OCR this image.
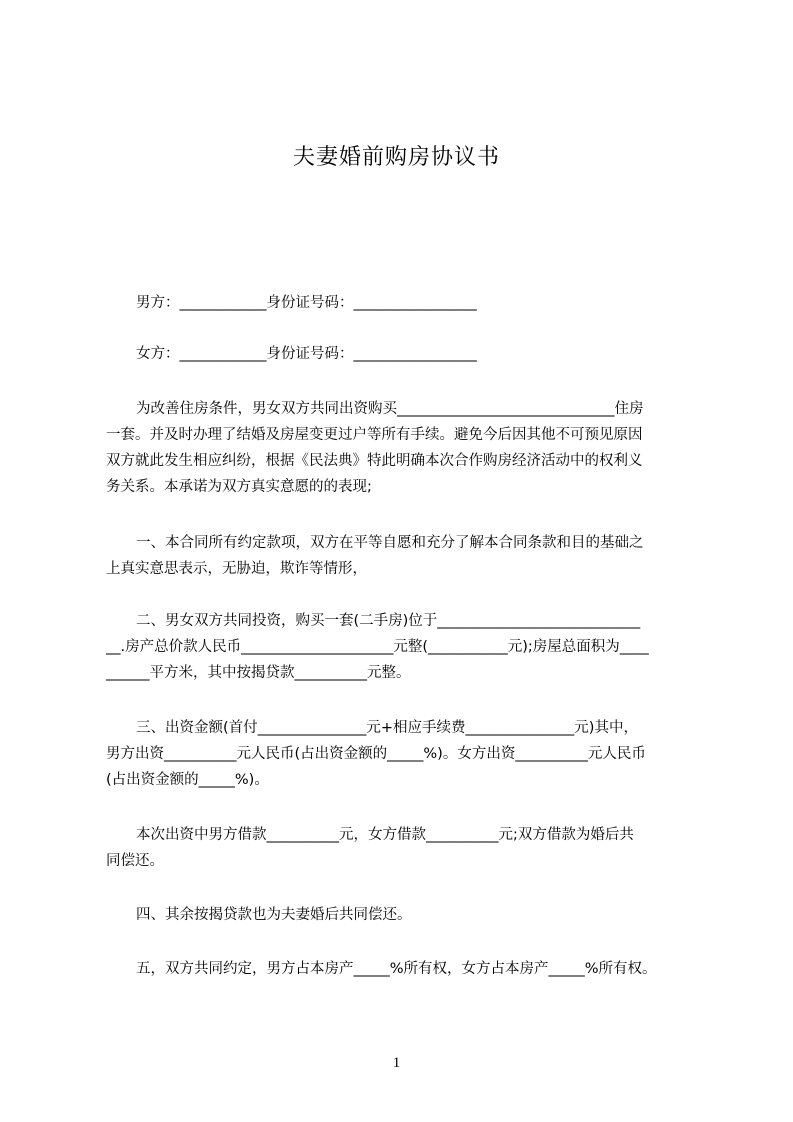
夫妻婚前购房协议书
男方：____________身份证号码：_________________
女方：____________身份证号码：_________________
为改善住房条件，男女双方共同出资购买______________________________住房
一套。并及时办理了结婚及房屋变更过户等所有手续。避免今后因其他不可预见原因
双方就此发生相应纠纷，根据《民法典》特此明确本次合作购房经济活动中的权利义
务关系。本承诺为双方真实意愿的的表现;
一、本合同所有约定款项，双方在平等自愿和充分了解本合同条款和目的基础之
上真实意思表示，无胁迫，欺诈等情形，
二、男女双方共同投资，购买一套(二手房)位于____________________________
__.房产总价款人民币_____________________元整(___________元);房屋总面积为____
______平方米，其中按揭贷款__________元整。
三、出资金额(首付_______________元+相应手续费_______________元)其中，
男方出资__________元人民币(占出资金额的_____%)。女方出资__________元人民币
(占出资金额的_____%)。
本次出资中男方借款__________元，女方借款__________元;双方借款为婚后共
同偿还。
四、其余按揭贷款也为夫妻婚后共同偿还。
五，双方共同约定，男方占本房产_____%所有权，女方占本房产_____%所有权。
1
